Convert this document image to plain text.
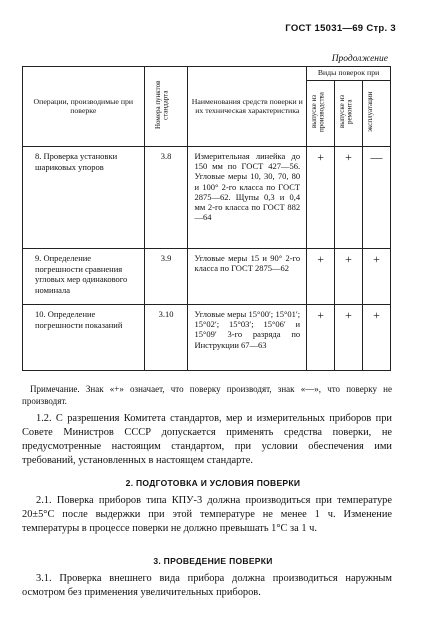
ГОСТ 15031—69 Стр. 3
Продолжение
Операции, производимые при поверке	Номера пунктов стандарта	Наименования средств поверки и их техническая характеристика	Виды поверок при		
			выпуске из производства	выпуске из ремонта	эксплуатации
8. Проверка установки шариковых упоров	3.8	Измерительная линейка до 150 мм по ГОСТ 427—56. Угловые меры 10, 30, 70, 80 и 100° 2-го класса по ГОСТ 2875—62. Щупы 0,3 и 0,4 мм 2-го класса по ГОСТ 882—64	+	+	—
9. Определение погрешности сравнения угловых мер одинакового номинала	3.9	Угловые меры 15 и 90° 2-го класса по ГОСТ 2875—62	+	+	+
10. Определение погрешности показаний	3.10	Угловые меры 15°00′; 15°01′; 15°02′; 15°03′; 15°06′ и 15°09′ 3-го разряда по Инструкции 67—63	+	+	+
Примечание. Знак «+» означает, что поверку производят, знак «—», что поверку не производят.
1.2. С разрешения Комитета стандартов, мер и измерительных приборов при Совете Министров СССР допускается применять средства поверки, не предусмотренные настоящим стандартом, при условии обеспечения ими требований, установленных в настоящем стандарте.
2. ПОДГОТОВКА И УСЛОВИЯ ПОВЕРКИ
2.1. Поверка приборов типа КПУ-3 должна производиться при температуре 20±5°С после выдержки при этой температуре не менее 1 ч. Изменение температуры в процессе поверки не должно превышать 1°С за 1 ч.
3. ПРОВЕДЕНИЕ ПОВЕРКИ
3.1. Проверка внешнего вида прибора должна производиться наружным осмотром без применения увеличительных приборов.
